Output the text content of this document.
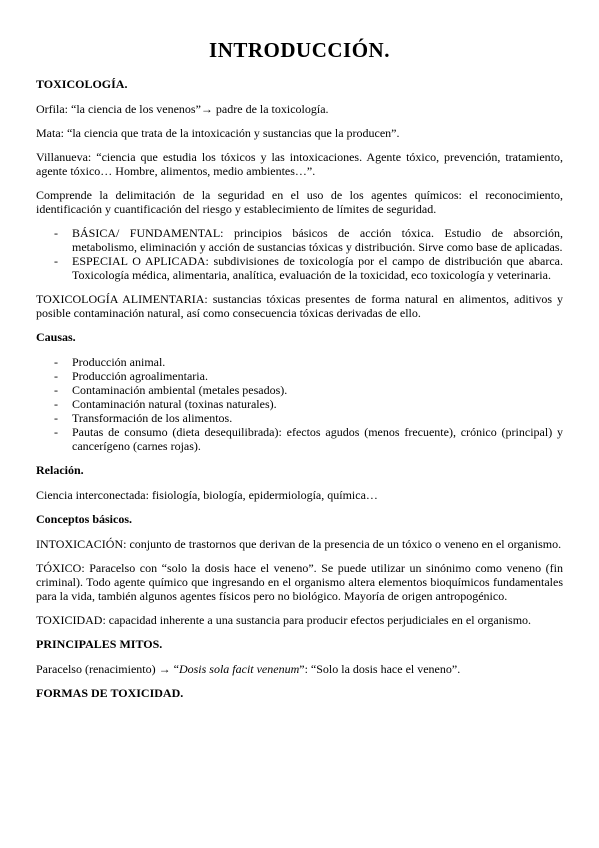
INTRODUCCIÓN.
TOXICOLOGÍA.

Orfila: “la ciencia de los venenos”→ padre de la toxicología.

Mata: “la ciencia que trata de la intoxicación y sustancias que la producen”.

Villanueva: “ciencia que estudia los tóxicos y las intoxicaciones. Agente tóxico, prevención, tratamiento, agente tóxico… Hombre, alimentos, medio ambientes…”.

Comprende la delimitación de la seguridad en el uso de los agentes químicos: el reconocimiento, identificación y cuantificación del riesgo y establecimiento de límites de seguridad.

- BÁSICA/ FUNDAMENTAL: principios básicos de acción tóxica. Estudio de absorción, metabolismo, eliminación y acción de sustancias tóxicas y distribución. Sirve como base de aplicadas.
- ESPECIAL O APLICADA: subdivisiones de toxicología por el campo de distribución que abarca. Toxicología médica, alimentaria, analítica, evaluación de la toxicidad, eco toxicología y veterinaria.

TOXICOLOGÍA ALIMENTARIA: sustancias tóxicas presentes de forma natural en alimentos, aditivos y posible contaminación natural, así como consecuencia tóxicas derivadas de ello.

Causas.
- Producción animal.
- Producción agroalimentaria.
- Contaminación ambiental (metales pesados).
- Contaminación natural (toxinas naturales).
- Transformación de los alimentos.
- Pautas de consumo (dieta desequilibrada): efectos agudos (menos frecuente), crónico (principal) y cancerígeno (carnes rojas).
Relación.

Ciencia interconectada: fisiología, biología, epidermiología, química…

Conceptos básicos.

INTOXICACIÓN: conjunto de trastornos que derivan de la presencia de un tóxico o veneno en el organismo.

TÓXICO: Paracelso con “solo la dosis hace el veneno”. Se puede utilizar un sinónimo como veneno (fin criminal). Todo agente químico que ingresando en el organismo altera elementos bioquímicos fundamentales para la vida, también algunos agentes físicos pero no biológico. Mayoría de origen antropogénico.

TOXICIDAD: capacidad inherente a una sustancia para producir efectos perjudiciales en el organismo.

PRINCIPALES MITOS.

Paracelso (renacimiento) → “Dosis sola facit venenum”: “Solo la dosis hace el veneno”.

FORMAS DE TOXICIDAD.
